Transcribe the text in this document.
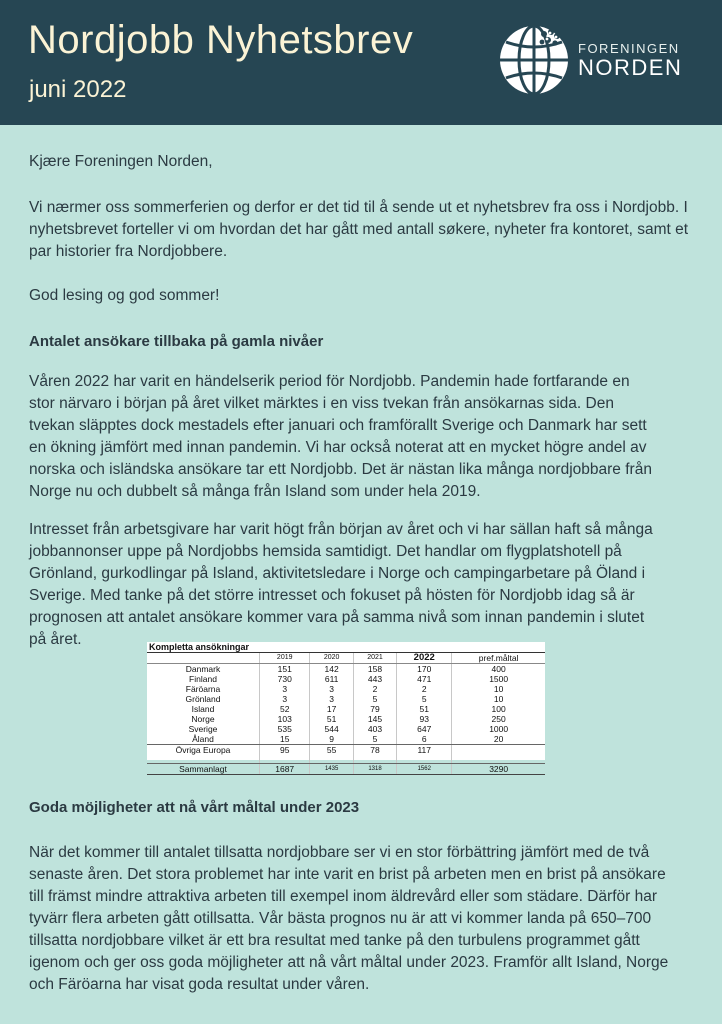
Nordjobb Nyhetsbrev
juni 2022
FORENINGEN
NORDEN

Kjære Foreningen Norden,

Vi nærmer oss sommerferien og derfor er det tid til å sende ut et nyhetsbrev fra oss i Nordjobb. I nyhetsbrevet forteller vi om hvordan det har gått med antall søkere, nyheter fra kontoret, samt et par historier fra Nordjobbere.

God lesing og god sommer!

Antalet ansökare tillbaka på gamla nivåer

Våren 2022 har varit en händelserik period för Nordjobb. Pandemin hade fortfarande en stor närvaro i början på året vilket märktes i en viss tvekan från ansökarnas sida. Den tvekan släpptes dock mestadels efter januari och framförallt Sverige och Danmark har sett en ökning jämfört med innan pandemin. Vi har också noterat att en mycket högre andel av norska och isländska ansökare tar ett Nordjobb. Det är nästan lika många nordjobbare från Norge nu och dubbelt så många från Island som under hela 2019.

Intresset från arbetsgivare har varit högt från början av året och vi har sällan haft så många jobbannonser uppe på Nordjobbs hemsida samtidigt. Det handlar om flygplatshotell på Grönland, gurkodlingar på Island, aktivitetsledare i Norge och campingarbetare på Öland i Sverige. Med tanke på det större intresset och fokuset på hösten för Nordjobb idag så är prognosen att antalet ansökare kommer vara på samma nivå som innan pandemin i slutet på året.

Goda möjligheter att nå vårt måltal under 2023

När det kommer till antalet tillsatta nordjobbare ser vi en stor förbättring jämfört med de två senaste åren. Det stora problemet har inte varit en brist på arbeten men en brist på ansökare till främst mindre attraktiva arbeten till exempel inom äldrevård eller som städare. Därför har tyvärr flera arbeten gått otillsatta. Vår bästa prognos nu är att vi kommer landa på 650–700 tillsatta nordjobbare vilket är ett bra resultat med tanke på den turbulens programmet gått igenom och ger oss goda möjligheter att nå vårt måltal under 2023. Framför allt Island, Norge och Färöarna har visat goda resultat under våren.

Kompletta ansökningar					
	2019	2020	2021	2022	pref.måltal
Danmark	151	142	158	170	400
Finland	730	611	443	471	1500
Färöarna	3	3	2	2	10
Grönland	3	3	5	5	10
Island	52	17	79	51	100
Norge	103	51	145	93	250
Sverige	535	544	403	647	1000
Åland	15	9	5	6	20
Övriga Europa	95	55	78	117	

Sammanlagt	1687	1435	1318	1562	3290
